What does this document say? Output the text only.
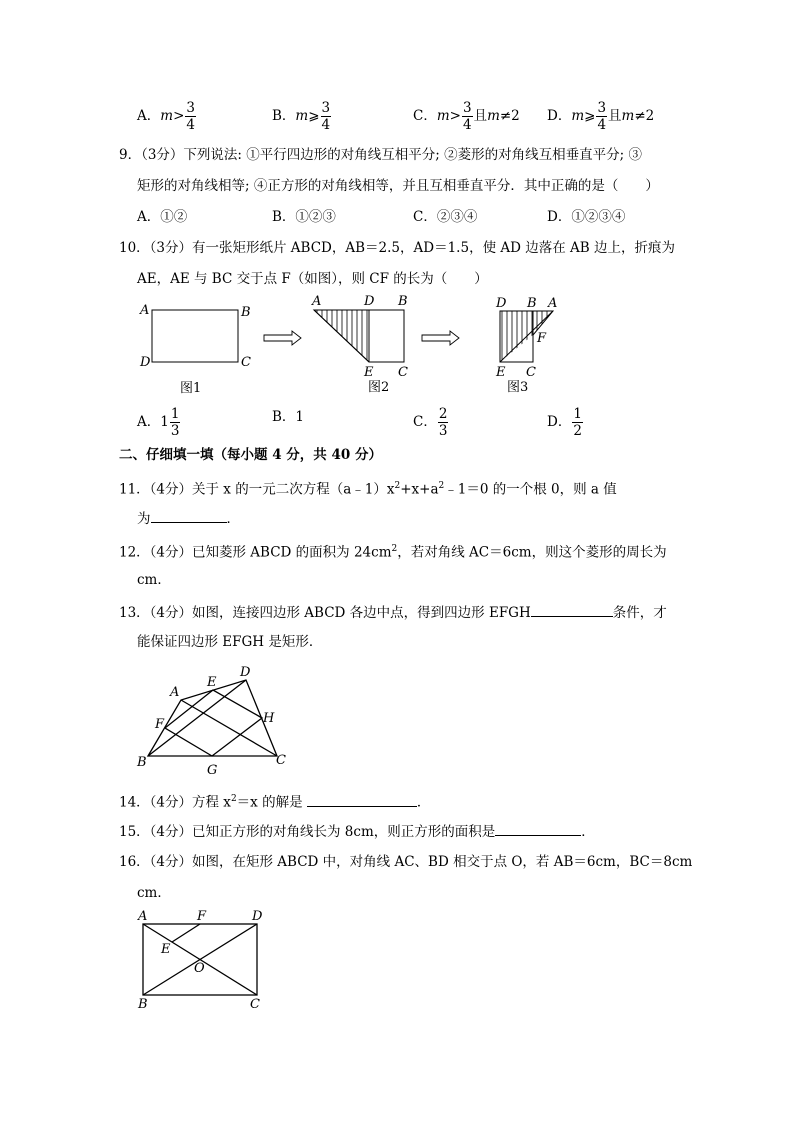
A．$m> \frac{3}{4}$	B．m⩾ $\frac{3}{4}$	C．$m> \frac{3}{4}$ 且m≠2 D．m⩾ $\frac{3}{4}$ 且m≠2
9．（3分）下列说法: ①平行四边形的对角线互相平分; ②菱形的对角线互相垂直平分; ③
矩形的对角线相等; ④正方形的对角线相等，并且互相垂直平分．其中正确的是（　　）
A．①②	B．①②③	C．②③④	D．①②③④
10．（3分）有一张矩形纸片 ABCD，AB＝2.5，AD＝1.5，使 AD 边落在 AB 边上，折痕为
AE，AE 与 BC 交于点 F（如图），则 CF 的长为（　　）
A	B
D	C
图1
A	D B
E C
图2
D B A
F
E C
图3
A．$1 \frac{1}{3}$	B．1	C． $\frac{2}{3}$	D． $\frac{1}{2}$
二、仔细填一填（每小题 4 分，共 40 分）
11．（4分）关于 x 的一元二次方程$(a﹣1)x^2+x+a^2﹣1=0$ 的一个根 0，则 a 值
为	．
12．（4分）已知菱形 ABCD 的面积为 $24cm^2$，若对角线 AC＝6cm，则这个菱形的周长为
cm．
13．（4分）如图，连接四边形 ABCD 各边中点，得到四边形 EFGH	条件，才
能保证四边形 EFGH 是矩形．
A
E
D
F	H
B
G
C
14．（4分）方程 $x^2=x$ 的解是	．
15．（4分）已知正方形的对角线长为 8cm，则正方形的面积是	．
16．（4分）如图，在矩形 ABCD 中，对角线 AC、BD 相交于点 O，若 AB＝6cm，BC＝8cm
cm．
A	F	D
E
O
B	C
